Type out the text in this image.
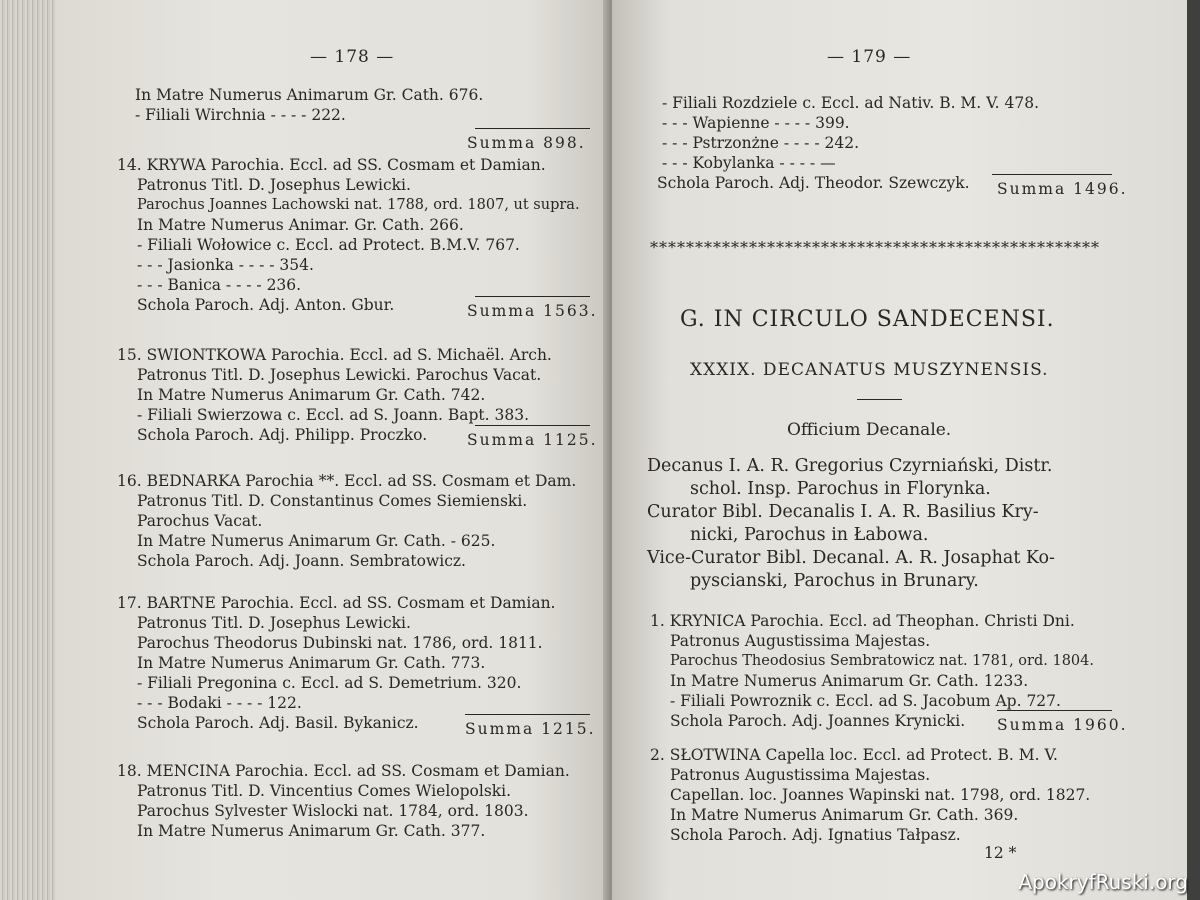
— 178 —
In Matre Numerus Animarum Gr. Cath. 676.
- Filiali Wirchnia - - - - 222.
Summa 898.
14. KRYWA Parochia. Eccl. ad SS. Cosmam et Damian.
Patronus Titl. D. Josephus Lewicki.
Parochus Joannes Lachowski nat. 1788, ord. 1807, ut supra.
In Matre Numerus Animar. Gr. Cath. 266.
- Filiali Wołowice c. Eccl. ad Protect. B.M.V. 767.
- - - Jasionka - - - - 354.
- - - Banica - - - - 236.
Schola Paroch. Adj. Anton. Gbur.	Summa 1563.
15. SWIONTKOWA Parochia. Eccl. ad S. Michaël. Arch.
Patronus Titl. D. Josephus Lewicki. Parochus Vacat.
In Matre Numerus Animarum Gr. Cath. 742.
- Filiali Swierzowa c. Eccl. ad S. Joann. Bapt. 383.
Schola Paroch. Adj. Philipp. Proczko.	Summa 1125.
16. BEDNARKA Parochia **. Eccl. ad SS. Cosmam et Dam.
Patronus Titl. D. Constantinus Comes Siemienski.
Parochus Vacat.
In Matre Numerus Animarum Gr. Cath. - 625.
Schola Paroch. Adj. Joann. Sembratowicz.
17. BARTNE Parochia. Eccl. ad SS. Cosmam et Damian.
Patronus Titl. D. Josephus Lewicki.
Parochus Theodorus Dubinski nat. 1786, ord. 1811.
In Matre Numerus Animarum Gr. Cath. 773.
- Filiali Pregonina c. Eccl. ad S. Demetrium. 320.
- - - Bodaki - - - - 122.
Schola Paroch. Adj. Basil. Bykanicz.	Summa 1215.
18. MENCINA Parochia. Eccl. ad SS. Cosmam et Damian.
Patronus Titl. D. Vincentius Comes Wielopolski.
Parochus Sylvester Wislocki nat. 1784, ord. 1803.
In Matre Numerus Animarum Gr. Cath. 377.
— 179 —
- Filiali Rozdziele c. Eccl. ad Nativ. B. M. V. 478.
- - - Wapienne - - - - 399.
- - - Pstrzonżne - - - - 242.
- - - Kobylanka - - - - —
Schola Paroch. Adj. Theodor. Szewczyk. Summa 1496.
**************************************************
G. IN CIRCULO SANDECENSI.
XXXIX. DECANATUS MUSZYNENSIS.
Officium Decanale.
Decanus I. A. R. Gregorius Czyrniański, Distr.
schol. Insp. Parochus in Florynka.
Curator Bibl. Decanalis I. A. R. Basilius Kry-
nicki, Parochus in Łabowa.
Vice-Curator Bibl. Decanal. A. R. Josaphat Ko-
pyscianski, Parochus in Brunary.
1. KRYNICA Parochia. Eccl. ad Theophan. Christi Dni.
Patronus Augustissima Majestas.
Parochus Theodosius Sembratowicz nat. 1781, ord. 1804.
In Matre Numerus Animarum Gr. Cath. 1233.
- Filiali Powroznik c. Eccl. ad S. Jacobum Ap. 727.
Schola Paroch. Adj. Joannes Krynicki. Summa 1960.
2. SŁOTWINA Capella loc. Eccl. ad Protect. B. M. V.
Patronus Augustissima Majestas.
Capellan. loc. Joannes Wapinski nat. 1798, ord. 1827.
In Matre Numerus Animarum Gr. Cath. 369.
Schola Paroch. Adj. Ignatius Tałpasz.
12 *
ApokryfRuski.org
